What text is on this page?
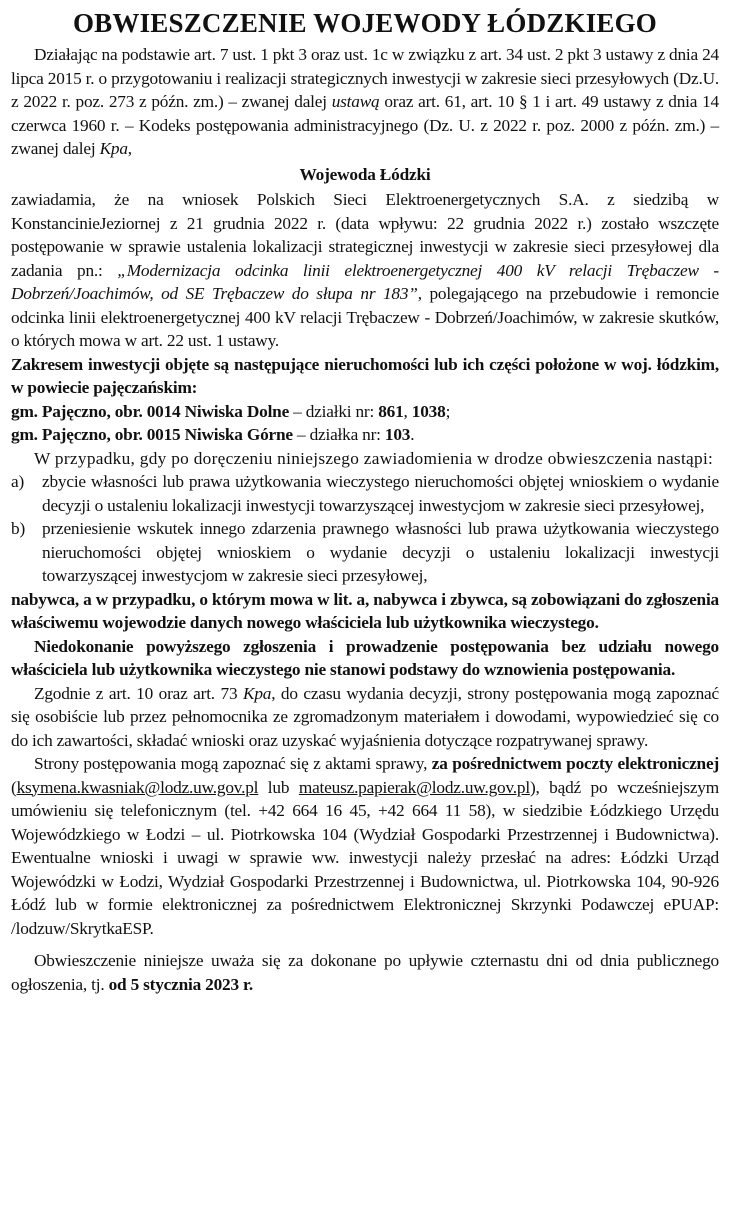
OBWIESZCZENIE WOJEWODY ŁÓDZKIEGO

Działając na podstawie art. 7 ust. 1 pkt 3 oraz ust. 1c w związku z art. 34 ust. 2 pkt 3 ustawy z dnia 24 lipca 2015 r. o przygotowaniu i realizacji strategicznych inwestycji w zakresie sieci przesyłowych (Dz.U. z 2022 r. poz. 273 z późn. zm.) – zwanej dalej ustawą oraz art. 61, art. 10 § 1 i art. 49 ustawy z dnia 14 czerwca 1960 r. – Kodeks postępowania administracyjnego (Dz. U. z 2022 r. poz. 2000 z późn. zm.) – zwanej dalej Kpa,

Wojewoda Łódzki

zawiadamia, że na wniosek Polskich Sieci Elektroenergetycznych S.A. z siedzibą w KonstancinieJeziornej z 21 grudnia 2022 r. (data wpływu: 22 grudnia 2022 r.) zostało wszczęte postępowanie w sprawie ustalenia lokalizacji strategicznej inwestycji w zakresie sieci przesyłowej dla zadania pn.: „Modernizacja odcinka linii elektroenergetycznej 400 kV relacji Trębaczew - Dobrzeń/Joachimów, od SE Trębaczew do słupa nr 183”, polegającego na przebudowie i remoncie odcinka linii elektroenergetycznej 400 kV relacji Trębaczew - Dobrzeń/Joachimów, w zakresie skutków, o których mowa w art. 22 ust. 1 ustawy.

Zakresem inwestycji objęte są następujące nieruchomości lub ich części położone w woj. łódzkim, w powiecie pajęczańskim:

gm. Pajęczno, obr. 0014 Niwiska Dolne – działki nr: 861, 1038;

gm. Pajęczno, obr. 0015 Niwiska Górne – działka nr: 103.

W przypadku, gdy po doręczeniu niniejszego zawiadomienia w drodze obwieszczenia nastąpi:

a) zbycie własności lub prawa użytkowania wieczystego nieruchomości objętej wnioskiem o wydanie decyzji o ustaleniu lokalizacji inwestycji towarzyszącej inwestycjom w zakresie sieci przesyłowej,
b) przeniesienie wskutek innego zdarzenia prawnego własności lub prawa użytkowania wieczystego nieruchomości objętej wnioskiem o wydanie decyzji o ustaleniu lokalizacji inwestycji towarzyszącej inwestycjom w zakresie sieci przesyłowej,

nabywca, a w przypadku, o którym mowa w lit. a, nabywca i zbywca, są zobowiązani do zgłoszenia właściwemu wojewodzie danych nowego właściciela lub użytkownika wieczystego.

Niedokonanie powyższego zgłoszenia i prowadzenie postępowania bez udziału nowego właściciela lub użytkownika wieczystego nie stanowi podstawy do wznowienia postępowania.

Zgodnie z art. 10 oraz art. 73 Kpa, do czasu wydania decyzji, strony postępowania mogą zapoznać się osobiście lub przez pełnomocnika ze zgromadzonym materiałem i dowodami, wypowiedzieć się co do ich zawartości, składać wnioski oraz uzyskać wyjaśnienia dotyczące rozpatrywanej sprawy.

Strony postępowania mogą zapoznać się z aktami sprawy, za pośrednictwem poczty elektronicznej (ksymena.kwasniak@lodz.uw.gov.pl lub mateusz.papierak@lodz.uw.gov.pl), bądź po wcześniejszym umówieniu się telefonicznym (tel. +42 664 16 45, +42 664 11 58), w siedzibie Łódzkiego Urzędu Wojewódzkiego w Łodzi – ul. Piotrkowska 104 (Wydział Gospodarki Przestrzennej i Budownictwa). Ewentualne wnioski i uwagi w sprawie ww. inwestycji należy przesłać na adres: Łódzki Urząd Wojewódzki w Łodzi, Wydział Gospodarki Przestrzennej i Budownictwa, ul. Piotrkowska 104, 90-926 Łódź lub w formie elektronicznej za pośrednictwem Elektronicznej Skrzynki Podawczej ePUAP: /lodzuw/SkrytkaESP.

Obwieszczenie niniejsze uważa się za dokonane po upływie czternastu dni od dnia publicznego ogłoszenia, tj. od 5 stycznia 2023 r.
